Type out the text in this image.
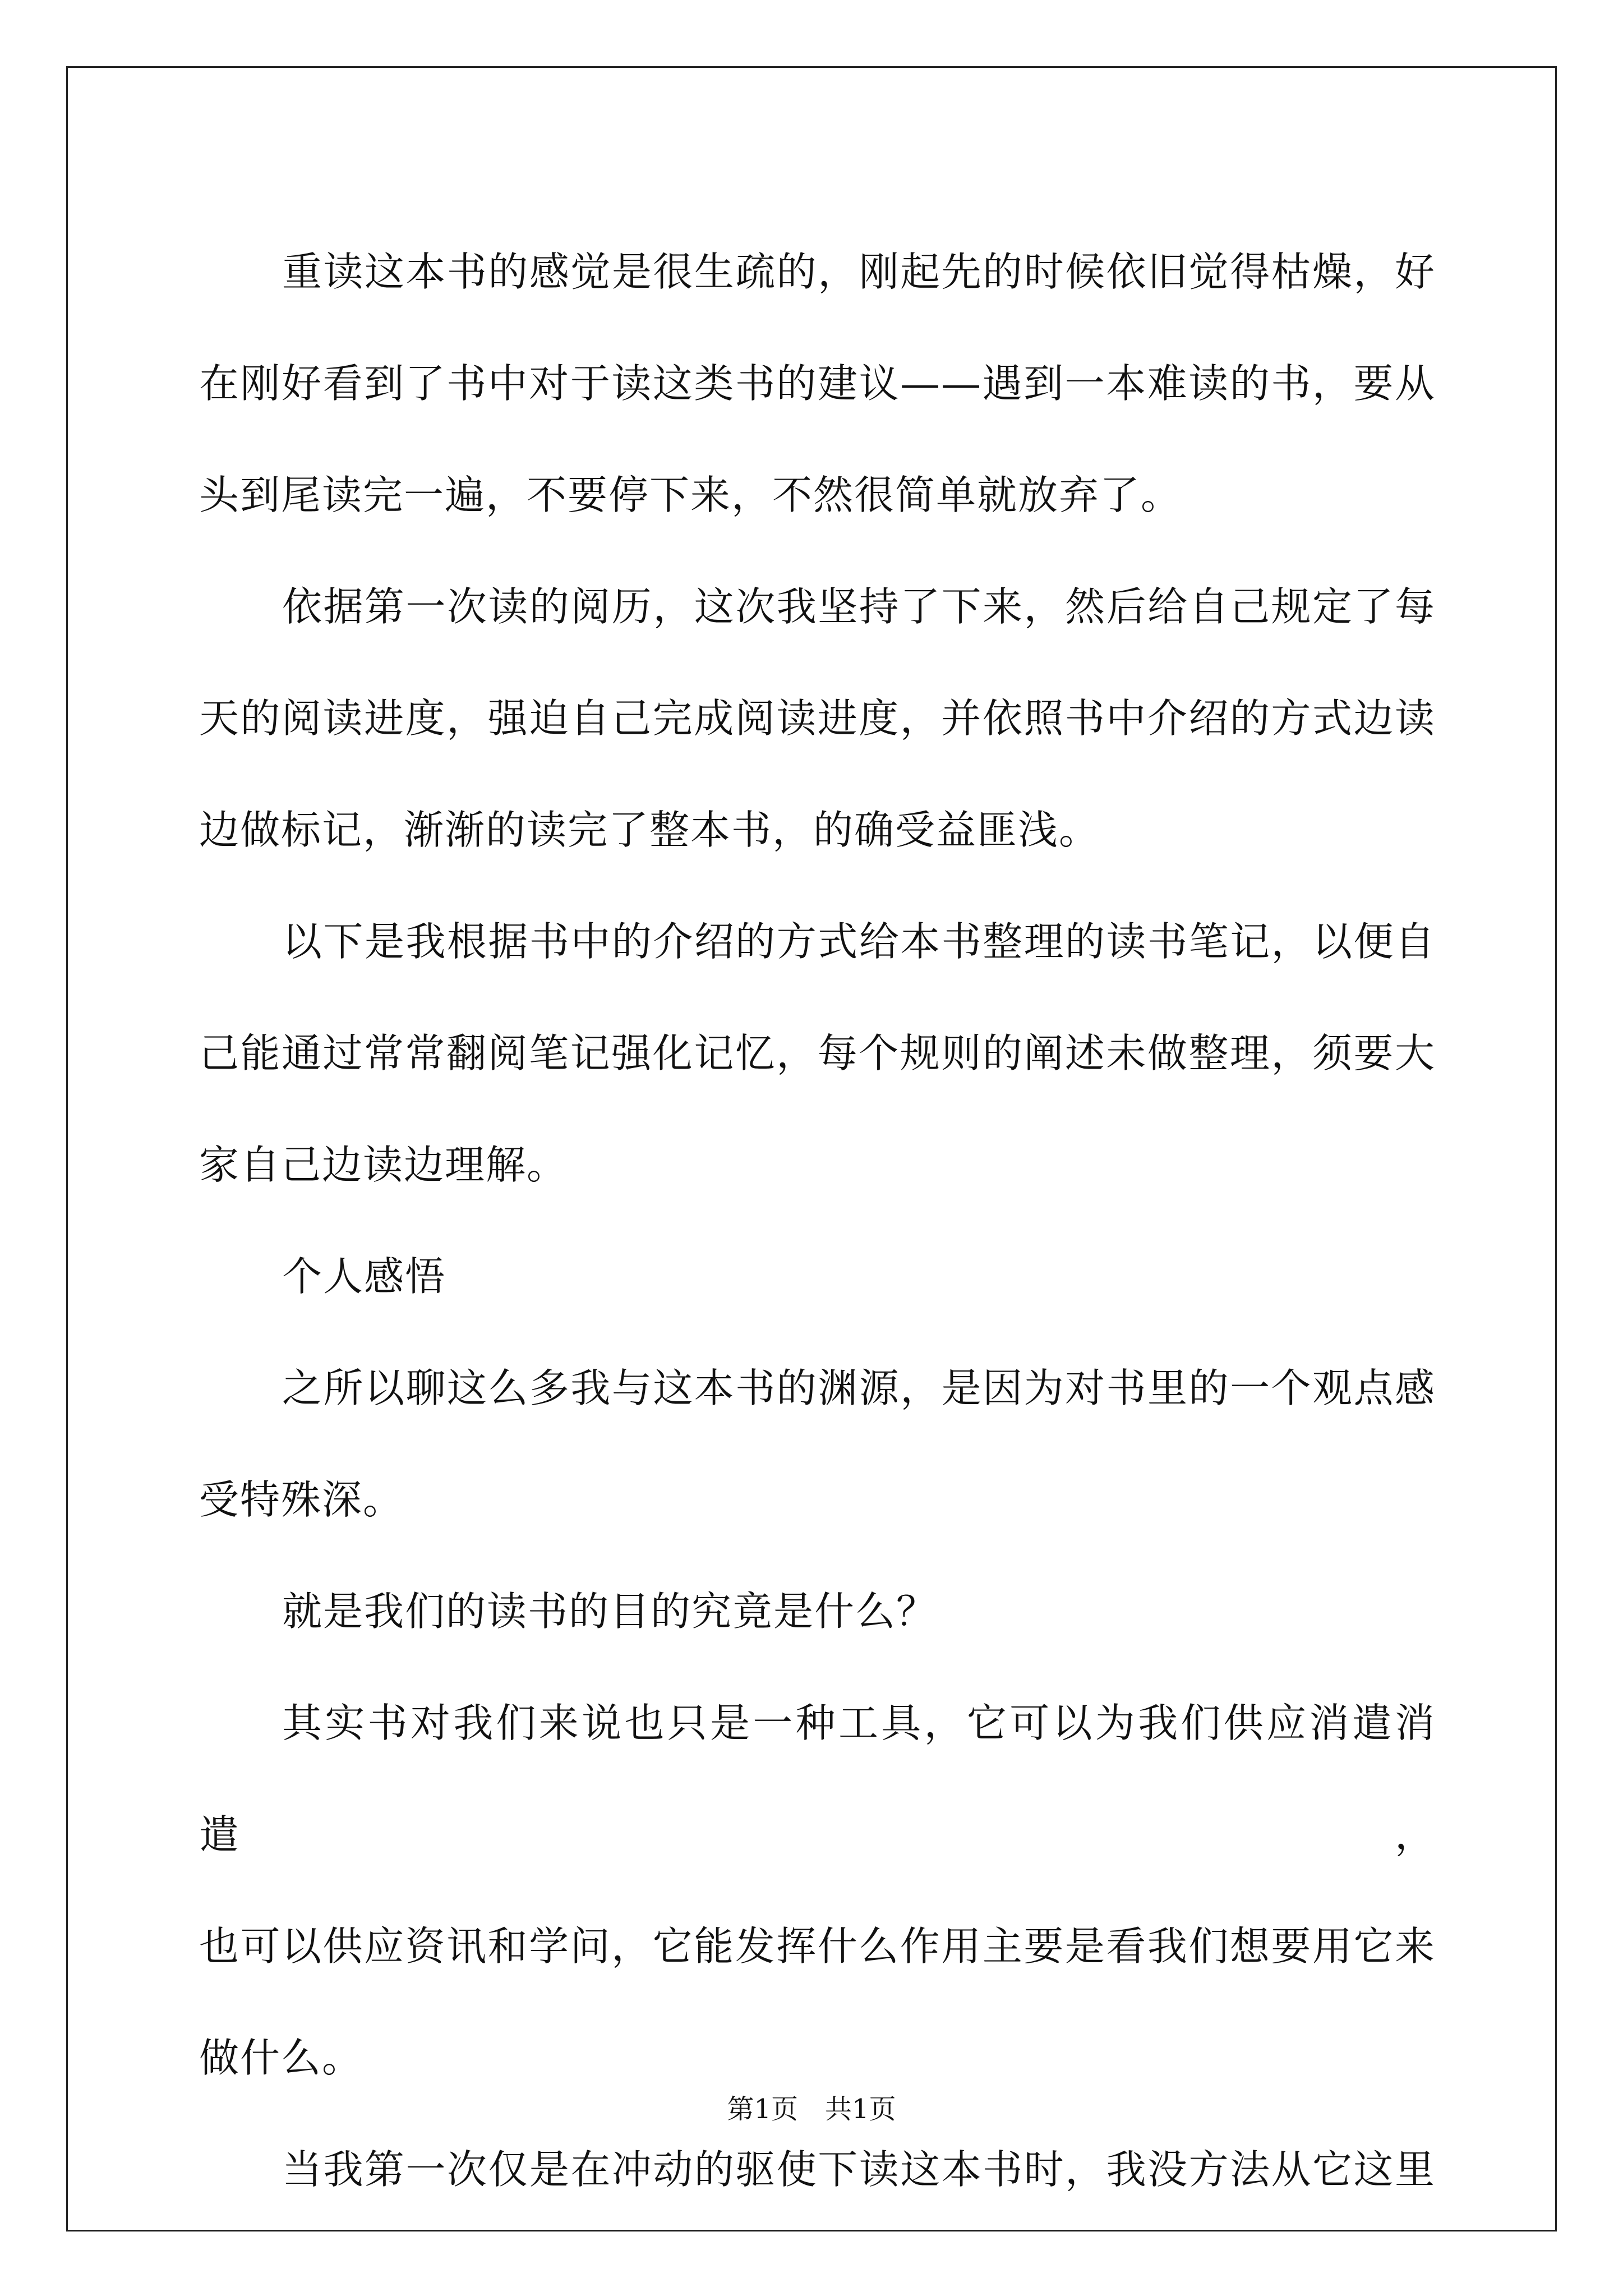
重读这本书的感觉是很生疏的，刚起先的时候依旧觉得枯燥，好
在刚好看到了书中对于读这类书的建议——遇到一本难读的书，要从
头到尾读完一遍，不要停下来，不然很简单就放弃了。

依据第一次读的阅历，这次我坚持了下来，然后给自己规定了每
天的阅读进度，强迫自己完成阅读进度，并依照书中介绍的方式边读
边做标记，渐渐的读完了整本书，的确受益匪浅。

以下是我根据书中的介绍的方式给本书整理的读书笔记，以便自
己能通过常常翻阅笔记强化记忆，每个规则的阐述未做整理，须要大
家自己边读边理解。

个人感悟

之所以聊这么多我与这本书的渊源，是因为对书里的一个观点感
受特殊深。

就是我们的读书的目的究竟是什么？

其实书对我们来说也只是一种工具，它可以为我们供应消遣消遣，
也可以供应资讯和学问，它能发挥什么作用主要是看我们想要用它来
做什么。

当我第一次仅是在冲动的驱使下读这本书时，我没方法从它这里

第1页 共1页
